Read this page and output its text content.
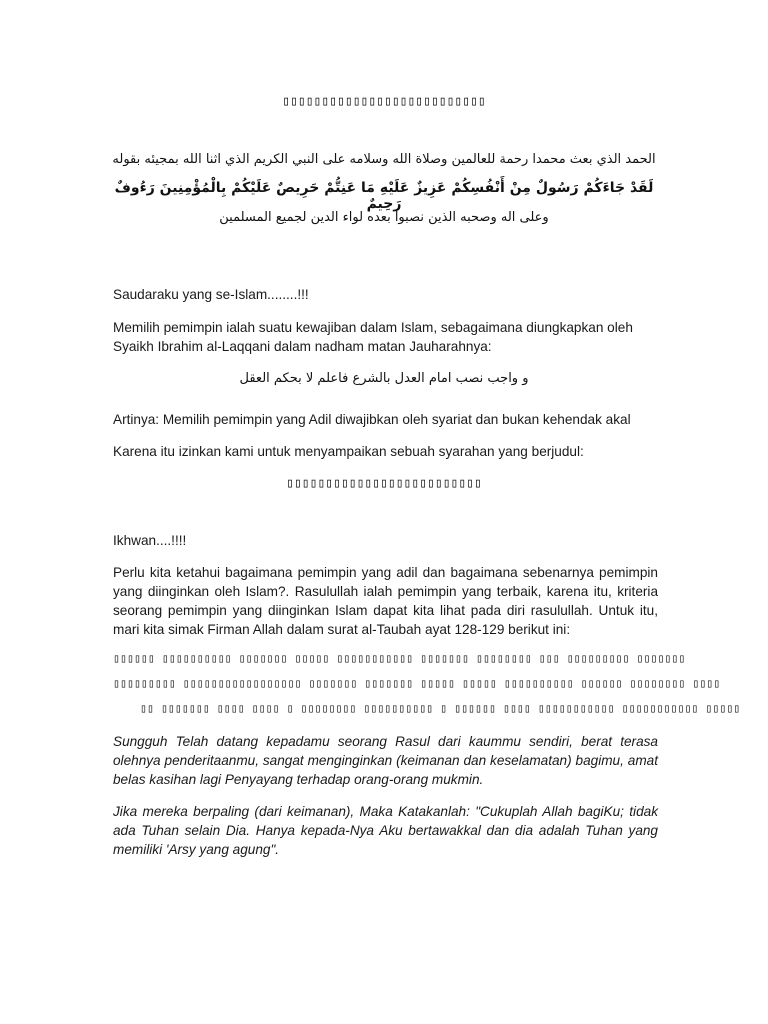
▯▯▯▯▯▯▯▯▯▯▯▯▯▯▯▯▯▯▯▯▯▯▯▯▯▯
الحمد الذي بعث محمدا رحمة للعالمين وصلاة الله وسلامه على النبي الكريم الذي اثنا الله بمجيئه بقوله
لَقَدْ جَاءَكُمْ رَسُولٌ مِنْ أَنْفُسِكُمْ عَزِيزٌ عَلَيْهِ مَا عَنِتُّمْ حَرِيصٌ عَلَيْكُمْ بِالْمُؤْمِنِينَ رَءُوفٌ رَحِيمٌ
وعلى اله وصحبه الذين نصبوا بعده لواء الدين لجميع المسلمين
Saudaraku yang se-Islam........!!!
Memilih pemimpin ialah suatu kewajiban dalam Islam, sebagaimana diungkapkan oleh Syaikh Ibrahim al-Laqqani dalam nadham matan Jauharahnya:
و واجب نصب امام العدل بالشرع فاعلم لا بحكم العقل
Artinya: Memilih pemimpin yang Adil diwajibkan oleh syariat dan bukan kehendak akal
Karena itu izinkan kami untuk menyampaikan sebuah syarahan yang berjudul:
▯▯▯▯▯▯▯▯▯▯▯▯▯▯▯▯▯▯▯▯▯▯▯▯▯
Ikhwan....!!!!
Perlu kita ketahui bagaimana pemimpin yang adil dan bagaimana sebenarnya pemimpin yang diinginkan oleh Islam?. Rasulullah ialah pemimpin yang terbaik, karena itu, kriteria seorang pemimpin yang diinginkan Islam dapat kita lihat pada diri rasulullah. Untuk itu, mari kita simak Firman Allah dalam surat al-Taubah ayat 128-129 berikut ini:
▯▯▯▯▯▯ ▯▯▯▯▯▯▯▯▯▯ ▯▯▯▯▯▯▯ ▯▯▯▯▯ ▯▯▯▯▯▯▯▯▯▯▯ ▯▯▯▯▯▯▯ ▯▯▯▯▯▯▯▯ ▯▯▯ ▯▯▯▯▯▯▯▯▯ ▯▯▯▯▯▯▯
▯▯▯▯▯▯▯▯▯ ▯▯▯▯▯▯▯▯▯▯▯▯▯▯▯▯▯ ▯▯▯▯▯▯▯ ▯▯▯▯▯▯▯ ▯▯▯▯▯ ▯▯▯▯▯ ▯▯▯▯▯▯▯▯▯▯ ▯▯▯▯▯▯ ▯▯▯▯▯▯▯▯ ▯▯▯▯
▯▯ ▯▯▯▯▯▯▯ ▯▯▯▯ ▯▯▯▯ ▯ ▯▯▯▯▯▯▯▯ ▯▯▯▯▯▯▯▯▯▯ ▯ ▯▯▯▯▯▯ ▯▯▯▯ ▯▯▯▯▯▯▯▯▯▯▯ ▯▯▯▯▯▯▯▯▯▯▯ ▯▯▯▯▯
Sungguh Telah datang kepadamu seorang Rasul dari kaummu sendiri, berat terasa olehnya penderitaanmu, sangat menginginkan (keimanan dan keselamatan) bagimu, amat belas kasihan lagi Penyayang terhadap orang-orang mukmin.
Jika mereka berpaling (dari keimanan), Maka Katakanlah: "Cukuplah Allah bagiKu; tidak ada Tuhan selain Dia. Hanya kepada-Nya Aku bertawakkal dan dia adalah Tuhan yang memiliki 'Arsy yang agung".
